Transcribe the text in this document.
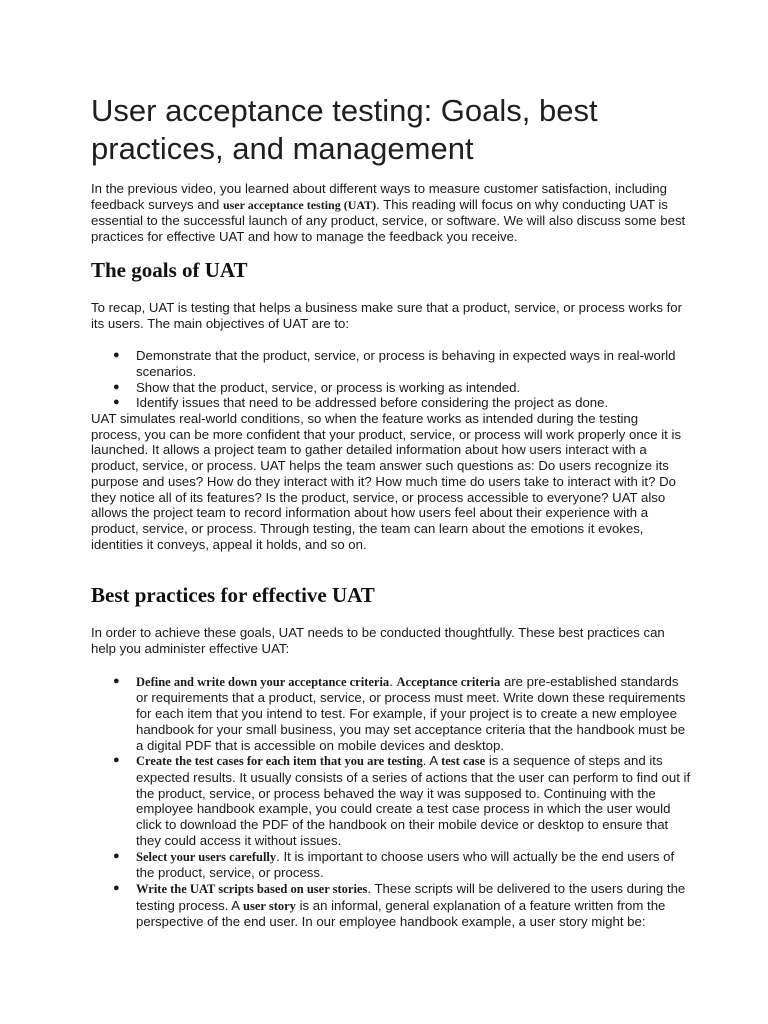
User acceptance testing: Goals, best practices, and management

In the previous video, you learned about different ways to measure customer satisfaction, including feedback surveys and user acceptance testing (UAT). This reading will focus on why conducting UAT is essential to the successful launch of any product, service, or software. We will also discuss some best practices for effective UAT and how to manage the feedback you receive.

The goals of UAT

To recap, UAT is testing that helps a business make sure that a product, service, or process works for its users. The main objectives of UAT are to:

● Demonstrate that the product, service, or process is behaving in expected ways in real-world scenarios.
● Show that the product, service, or process is working as intended.
● Identify issues that need to be addressed before considering the project as done.

UAT simulates real-world conditions, so when the feature works as intended during the testing process, you can be more confident that your product, service, or process will work properly once it is launched. It allows a project team to gather detailed information about how users interact with a product, service, or process. UAT helps the team answer such questions as: Do users recognize its purpose and uses? How do they interact with it? How much time do users take to interact with it? Do they notice all of its features? Is the product, service, or process accessible to everyone? UAT also allows the project team to record information about how users feel about their experience with a product, service, or process. Through testing, the team can learn about the emotions it evokes, identities it conveys, appeal it holds, and so on.

Best practices for effective UAT

In order to achieve these goals, UAT needs to be conducted thoughtfully. These best practices can help you administer effective UAT:

● Define and write down your acceptance criteria. Acceptance criteria are pre-established standards or requirements that a product, service, or process must meet. Write down these requirements for each item that you intend to test. For example, if your project is to create a new employee handbook for your small business, you may set acceptance criteria that the handbook must be a digital PDF that is accessible on mobile devices and desktop.
● Create the test cases for each item that you are testing. A test case is a sequence of steps and its expected results. It usually consists of a series of actions that the user can perform to find out if the product, service, or process behaved the way it was supposed to. Continuing with the employee handbook example, you could create a test case process in which the user would click to download the PDF of the handbook on their mobile device or desktop to ensure that they could access it without issues.
● Select your users carefully. It is important to choose users who will actually be the end users of the product, service, or process.
● Write the UAT scripts based on user stories. These scripts will be delivered to the users during the testing process. A user story is an informal, general explanation of a feature written from the perspective of the end user. In our employee handbook example, a user story might be:
